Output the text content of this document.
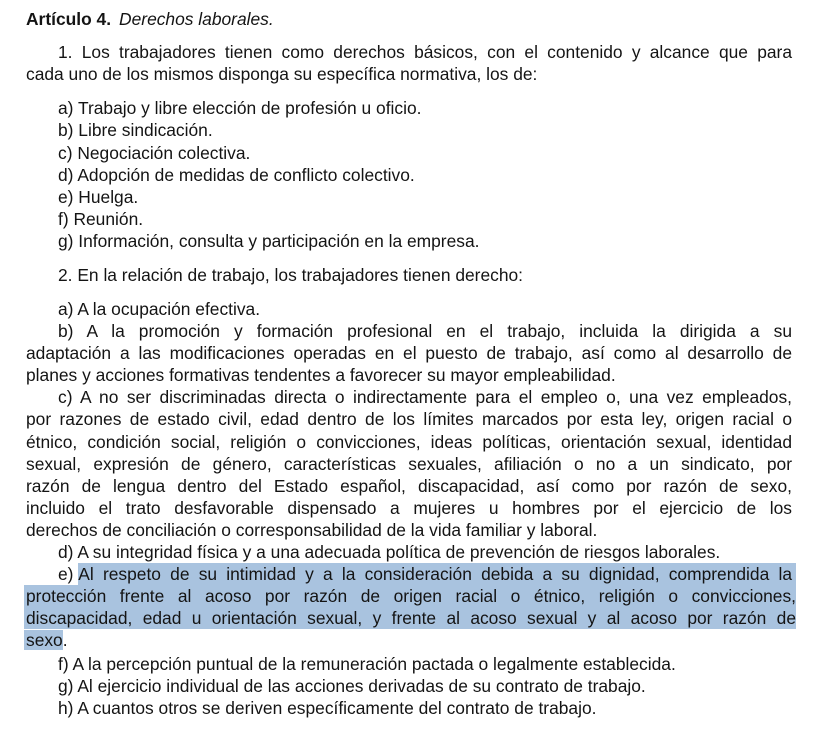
Artículo 4. Derechos laborales.
1. Los trabajadores tienen como derechos básicos, con el contenido y alcance que para
cada uno de los mismos disponga su específica normativa, los de:
a) Trabajo y libre elección de profesión u oficio.
b) Libre sindicación.
c) Negociación colectiva.
d) Adopción de medidas de conflicto colectivo.
e) Huelga.
f) Reunión.
g) Información, consulta y participación en la empresa.
2. En la relación de trabajo, los trabajadores tienen derecho:
a) A la ocupación efectiva.
b) A la promoción y formación profesional en el trabajo, incluida la dirigida a su
adaptación a las modificaciones operadas en el puesto de trabajo, así como al desarrollo de
planes y acciones formativas tendentes a favorecer su mayor empleabilidad.
c) A no ser discriminadas directa o indirectamente para el empleo o, una vez empleados,
por razones de estado civil, edad dentro de los límites marcados por esta ley, origen racial o
étnico, condición social, religión o convicciones, ideas políticas, orientación sexual, identidad
sexual, expresión de género, características sexuales, afiliación o no a un sindicato, por
razón de lengua dentro del Estado español, discapacidad, así como por razón de sexo,
incluido el trato desfavorable dispensado a mujeres u hombres por el ejercicio de los
derechos de conciliación o corresponsabilidad de la vida familiar y laboral.
d) A su integridad física y a una adecuada política de prevención de riesgos laborales.
e) Al respeto de su intimidad y a la consideración debida a su dignidad, comprendida la
protección frente al acoso por razón de origen racial o étnico, religión o convicciones,
discapacidad, edad u orientación sexual, y frente al acoso sexual y al acoso por razón de
sexo.
f) A la percepción puntual de la remuneración pactada o legalmente establecida.
g) Al ejercicio individual de las acciones derivadas de su contrato de trabajo.
h) A cuantos otros se deriven específicamente del contrato de trabajo.
